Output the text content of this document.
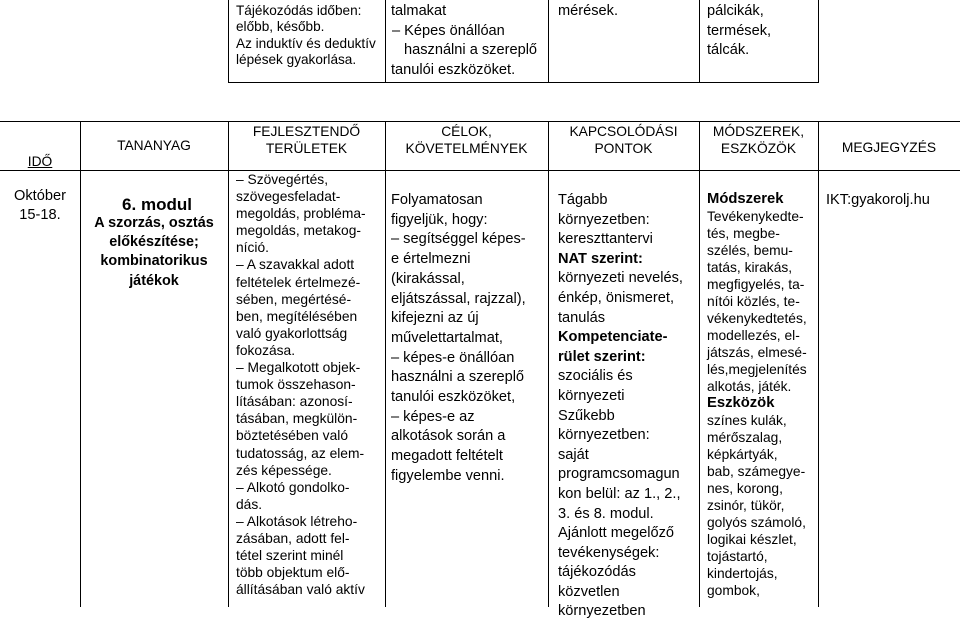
Tájékozódás időben:
előbb, később.
Az induktív és deduktív
lépések gyakorlása.
talmakat
– Képes önállóan
használni a szereplő
tanulói eszközöket.
mérések.	pálcikák,
termések,
tálcák.
IDŐ
TANANYAG
FEJLESZTENDŐ
TERÜLETEK
CÉLOK,
KÖVETELMÉNYEK
KAPCSOLÓDÁSI
PONTOK
MÓDSZEREK,
ESZKÖZÖK	MEGJEGYZÉS
Október
15-18.
6. modul
A szorzás, osztás
előkészítése;
kombinatorikus
játékok
– Szövegértés,
szövegesfeladat-
megoldás, probléma-
megoldás, metakog-
níció.
– A szavakkal adott
feltételek értelmezé-
sében, megértésé-
ben, megítélésében
való gyakorlottság
fokozása.
– Megalkotott objek-
tumok összehason-
lításában: azonosí-
tásában, megkülön-
böztetésében való
tudatosság, az elem-
zés képessége.
– Alkotó gondolko-
dás.
– Alkotások létreho-
zásában, adott fel-
tétel szerint minél
több objektum elő-
állításában való aktív
Folyamatosan
figyeljük, hogy:
– segítséggel képes-
e értelmezni
(kirakással,
eljátszással, rajzzal),
kifejezni az új
művelettartalmat,
– képes-e önállóan
használni a szereplő
tanulói eszközöket,
– képes-e az
alkotások során a
megadott feltételt
figyelembe venni.
Tágabb
környezetben:
kereszttantervi
NAT szerint:
környezeti nevelés,
énkép, önismeret,
tanulás
Kompetenciate-
rület szerint:
szociális és
környezeti
Szűkebb
környezetben:
saját
programcsomagun
kon belül: az 1., 2.,
3. és 8. modul.
Ajánlott megelőző
tevékenységek:
tájékozódás
közvetlen
környezetben
Módszerek
Tevékenykedte-
tés, megbe-
szélés, bemu-
tatás, kirakás,
megfigyelés, ta-
nítói közlés, te-
vékenykedtetés,
modellezés, el-
játszás, elmesé-
lés,megjelenítés
alkotás, játék.
Eszközök
színes kulák,
mérőszalag,
képkártyák,
bab, számegye-
nes, korong,
zsinór, tükör,
golyós számoló,
logikai készlet,
tojástartó,
kindertojás,
gombok,
IKT:gyakorolj.hu
